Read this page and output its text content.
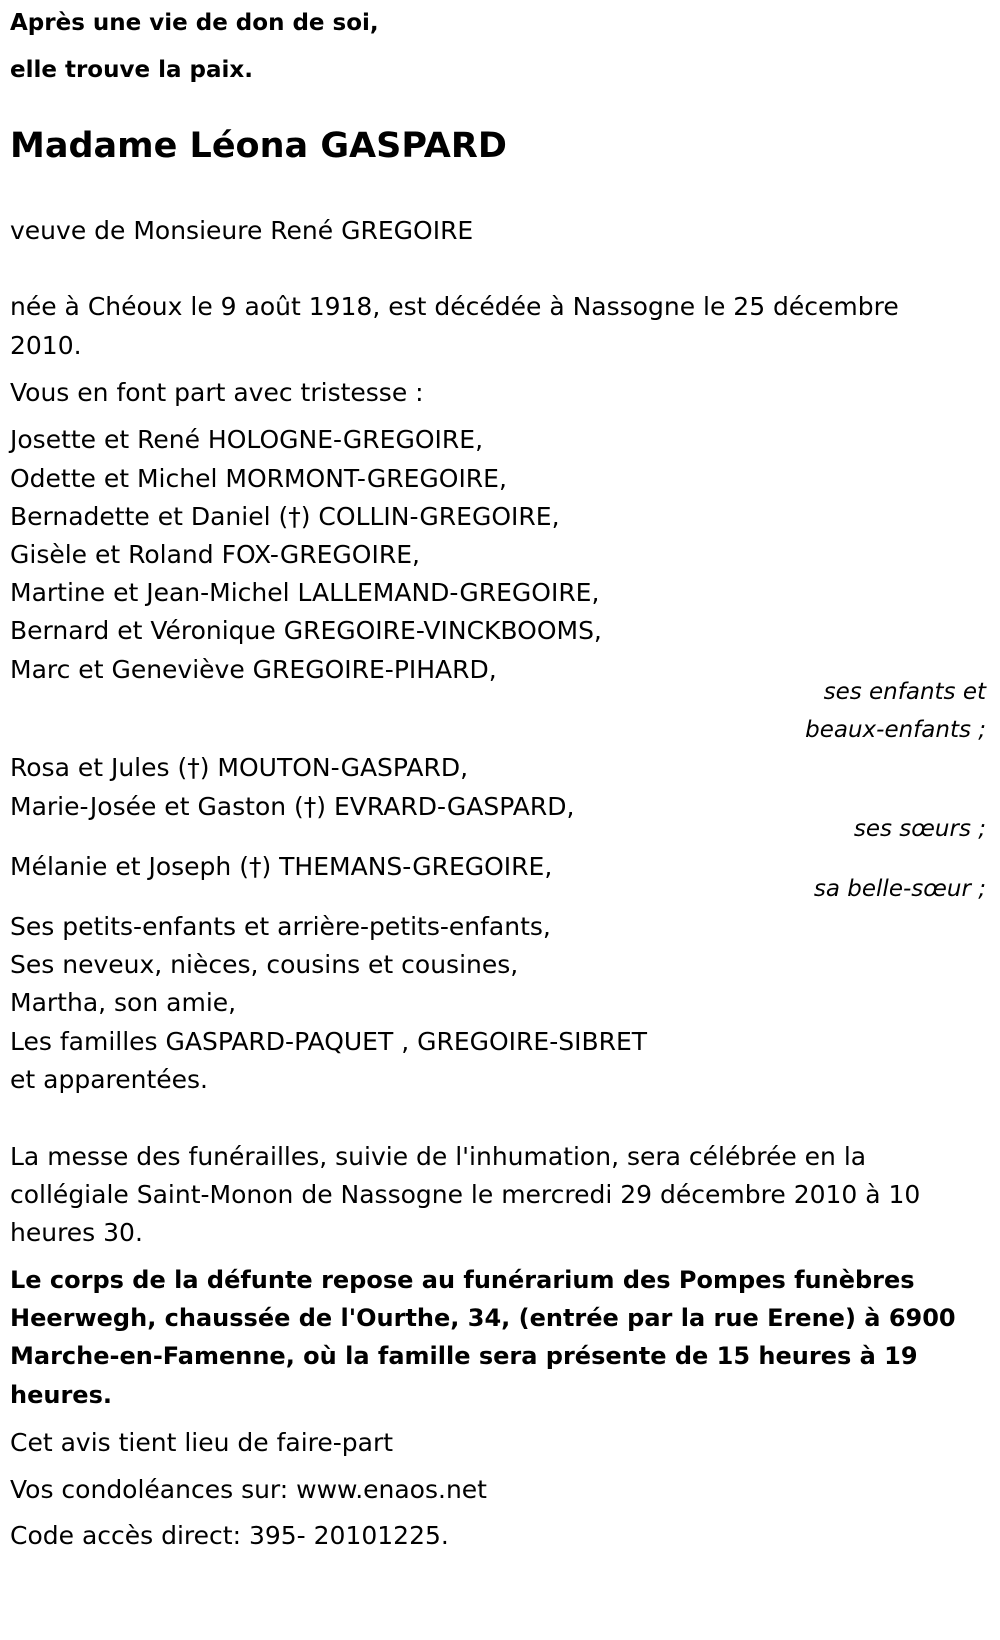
Après une vie de don de soi,

elle trouve la paix.

Madame Léona GASPARD

veuve de Monsieure René GREGOIRE

née à Chéoux le 9 août 1918, est décédée à Nassogne le 25 décembre

2010.

Vous en font part avec tristesse :

Josette et René HOLOGNE-GREGOIRE,

Odette et Michel MORMONT-GREGOIRE,

Bernadette et Daniel (†) COLLIN-GREGOIRE,

Gisèle et Roland FOX-GREGOIRE,

Martine et Jean-Michel LALLEMAND-GREGOIRE,

Bernard et Véronique GREGOIRE-VINCKBOOMS,

Marc et Geneviève GREGOIRE-PIHARD,

ses enfants et

beaux-enfants ;

Rosa et Jules (†) MOUTON-GASPARD,

Marie-Josée et Gaston (†) EVRARD-GASPARD,

ses sœurs ;

Mélanie et Joseph (†) THEMANS-GREGOIRE,

sa belle-sœur ;

Ses petits-enfants et arrière-petits-enfants,

Ses neveux, nièces, cousins et cousines,

Martha, son amie,

Les familles GASPARD-PAQUET , GREGOIRE-SIBRET

et apparentées.

La messe des funérailles, suivie de l'inhumation, sera célébrée en la

collégiale Saint-Monon de Nassogne le mercredi 29 décembre 2010 à 10

heures 30.

Le corps de la défunte repose au funérarium des Pompes funèbres

Heerwegh, chaussée de l'Ourthe, 34, (entrée par la rue Erene) à 6900

Marche-en-Famenne, où la famille sera présente de 15 heures à 19

heures.

Cet avis tient lieu de faire-part

Vos condoléances sur: www.enaos.net

Code accès direct: 395- 20101225.
